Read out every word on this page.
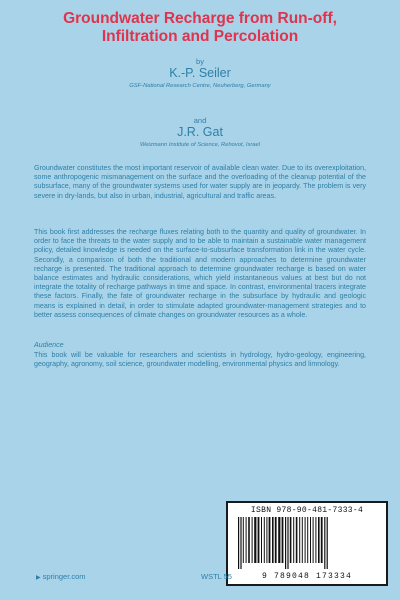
Groundwater Recharge from Run-off,
Infiltration and Percolation
by
K.-P. Seiler
GSF-National Research Centre, Neuherberg, Germany
and
J.R. Gat
Weizmann Institute of Science, Rehovot, Israel

Groundwater constitutes the most important reservoir of available clean water. Due to its overexploitation, some anthropogenic mismanagement on the surface and the overloading of the cleanup potential of the subsurface, many of the groundwater systems used for water supply are in jeopardy. The problem is very severe in dry-lands, but also in urban, industrial, agricultural and traffic areas.

This book first addresses the recharge fluxes relating both to the quantity and quality of groundwater. In order to face the threats to the water supply and to be able to maintain a sustainable water management policy, detailed knowledge is needed on the surface-to-subsurface transformation link in the water cycle. Secondly, a comparison of both the traditional and modern approaches to determine groundwater recharge is presented. The traditional approach to determine groundwater recharge is based on water balance estimates and hydraulic considerations, which yield instantaneous values at best but do not integrate the totality of recharge pathways in time and space. In contrast, environmental tracers integrate these factors. Finally, the fate of groundwater recharge in the subsurface by hydraulic and geologic means is explained in detail, in order to stimulate adapted groundwater-management strategies and to better assess consequences of climate changes on groundwater resources as a whole.

Audience

This book will be valuable for researchers and scientists in hydrology, hydro-geology, engineering, geography, agronomy, soil science, groundwater modelling, environmental physics and limnology.

ISBN 978-90-481-7333-4
9 789048 173334
▶ springer.com	WSTL 55
